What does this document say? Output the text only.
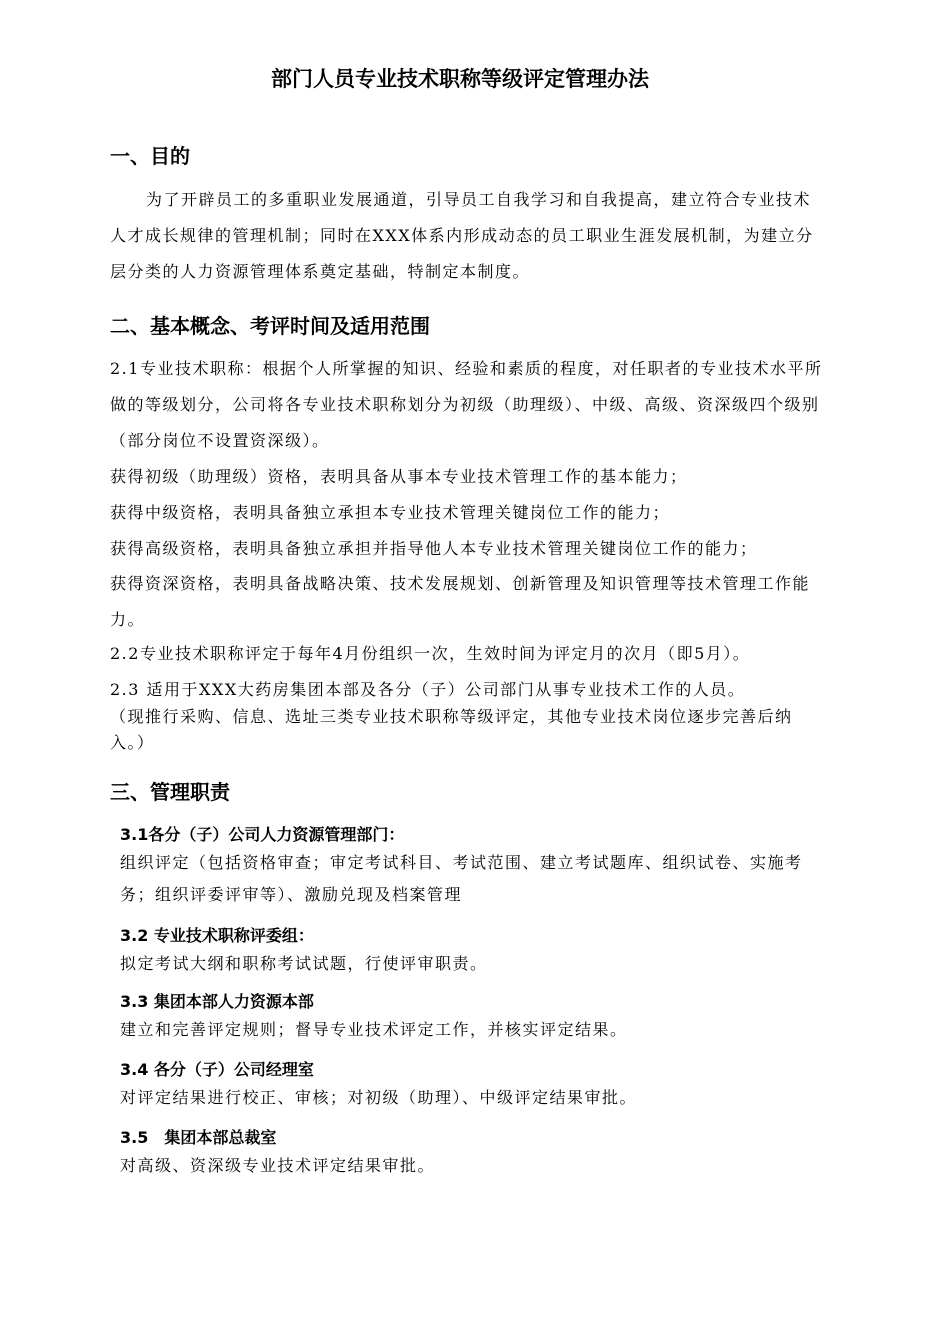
部门人员专业技术职称等级评定管理办法
一、目的

为了开辟员工的多重职业发展通道，引导员工自我学习和自我提高，建立符合专业技术人才成长规律的管理机制；同时在XXX体系内形成动态的员工职业生涯发展机制，为建立分层分类的人力资源管理体系奠定基础，特制定本制度。

二、基本概念、考评时间及适用范围

2.1专业技术职称：根据个人所掌握的知识、经验和素质的程度，对任职者的专业技术水平所做的等级划分，公司将各专业技术职称划分为初级（助理级）、中级、高级、资深级四个级别（部分岗位不设置资深级）。

获得初级（助理级）资格，表明具备从事本专业技术管理工作的基本能力；

获得中级资格，表明具备独立承担本专业技术管理关键岗位工作的能力；

获得高级资格，表明具备独立承担并指导他人本专业技术管理关键岗位工作的能力；

获得资深资格，表明具备战略决策、技术发展规划、创新管理及知识管理等技术管理工作能力。

2.2专业技术职称评定于每年4月份组织一次，生效时间为评定月的次月（即5月）。

2.3 适用于XXX大药房集团本部及各分（子）公司部门从事专业技术工作的人员。

（现推行采购、信息、选址三类专业技术职称等级评定，其他专业技术岗位逐步完善后纳入。）

三、管理职责
3.1各分（子）公司人力资源管理部门：

组织评定（包括资格审查；审定考试科目、考试范围、建立考试题库、组织试卷、实施考务；组织评委评审等）、激励兑现及档案管理

3.2 专业技术职称评委组：

拟定考试大纲和职称考试试题，行使评审职责。

3.3 集团本部人力资源本部

建立和完善评定规则；督导专业技术评定工作，并核实评定结果。

3.4 各分（子）公司经理室

对评定结果进行校正、审核；对初级（助理）、中级评定结果审批。

3.5　集团本部总裁室

对高级、资深级专业技术评定结果审批。
